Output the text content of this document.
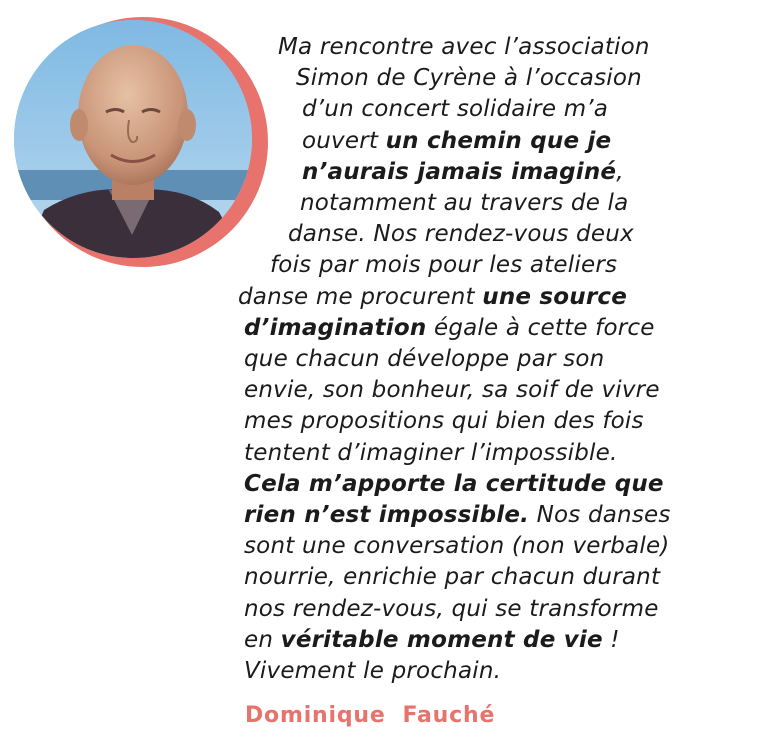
Ma rencontre avec l’association
Simon de Cyrène à l’occasion
d’un concert solidaire m’a
ouvert un chemin que je
n’aurais jamais imaginé,
notamment au travers de la
danse. Nos rendez-vous deux
fois par mois pour les ateliers
danse me procurent une source
d’imagination égale à cette force
que chacun développe par son
envie, son bonheur, sa soif de vivre
mes propositions qui bien des fois
tentent d’imaginer l’impossible.
Cela m’apporte la certitude que
rien n’est impossible. Nos danses
sont une conversation (non verbale)
nourrie, enrichie par chacun durant
nos rendez-vous, qui se transforme
en véritable moment de vie !
Vivement le prochain.
Dominique  Fauché
